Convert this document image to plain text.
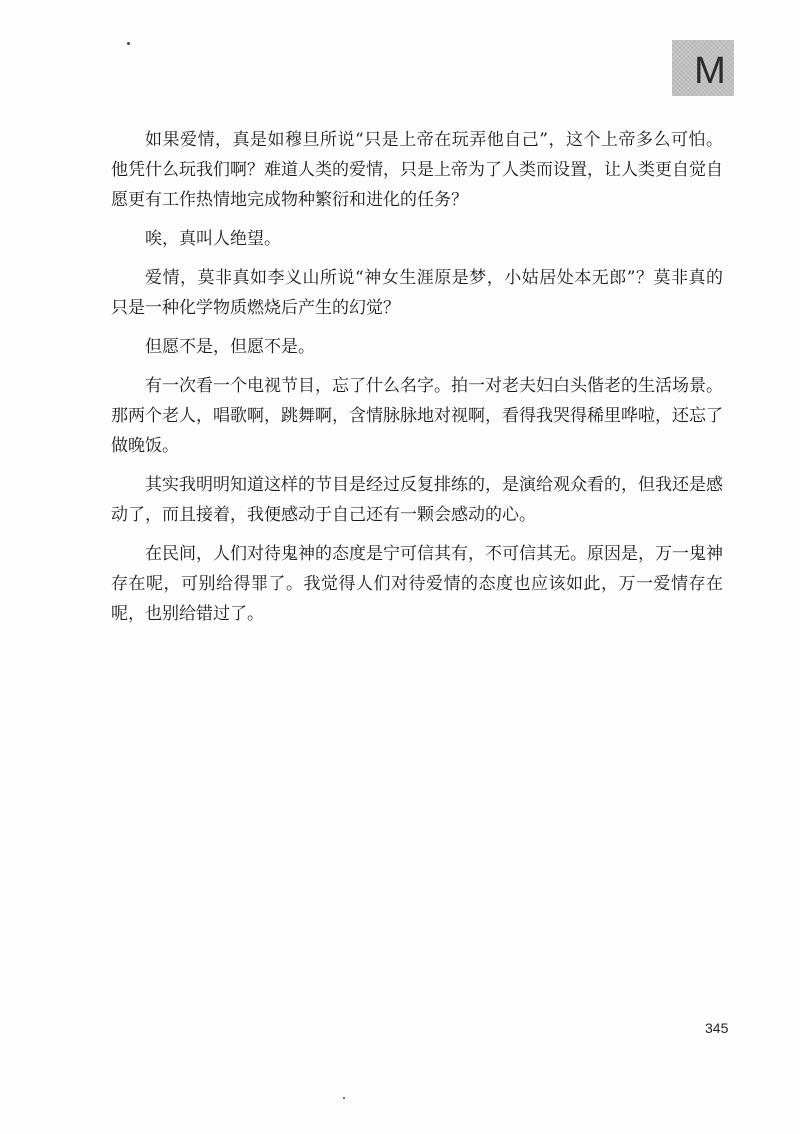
M

如果爱情，真是如穆旦所说“只是上帝在玩弄他自己”，这个上帝多么可怕。他凭什么玩我们啊？难道人类的爱情，只是上帝为了人类而设置，让人类更自觉自愿更有工作热情地完成物种繁衍和进化的任务？

唉，真叫人绝望。

爱情，莫非真如李义山所说“神女生涯原是梦，小姑居处本无郎”？莫非真的只是一种化学物质燃烧后产生的幻觉？

但愿不是，但愿不是。

有一次看一个电视节目，忘了什么名字。拍一对老夫妇白头偕老的生活场景。那两个老人，唱歌啊，跳舞啊，含情脉脉地对视啊，看得我哭得稀里哗啦，还忘了做晚饭。

其实我明明知道这样的节目是经过反复排练的，是演给观众看的，但我还是感动了，而且接着，我便感动于自己还有一颗会感动的心。

在民间，人们对待鬼神的态度是宁可信其有，不可信其无。原因是，万一鬼神存在呢，可别给得罪了。我觉得人们对待爱情的态度也应该如此，万一爱情存在呢，也别给错过了。

345
